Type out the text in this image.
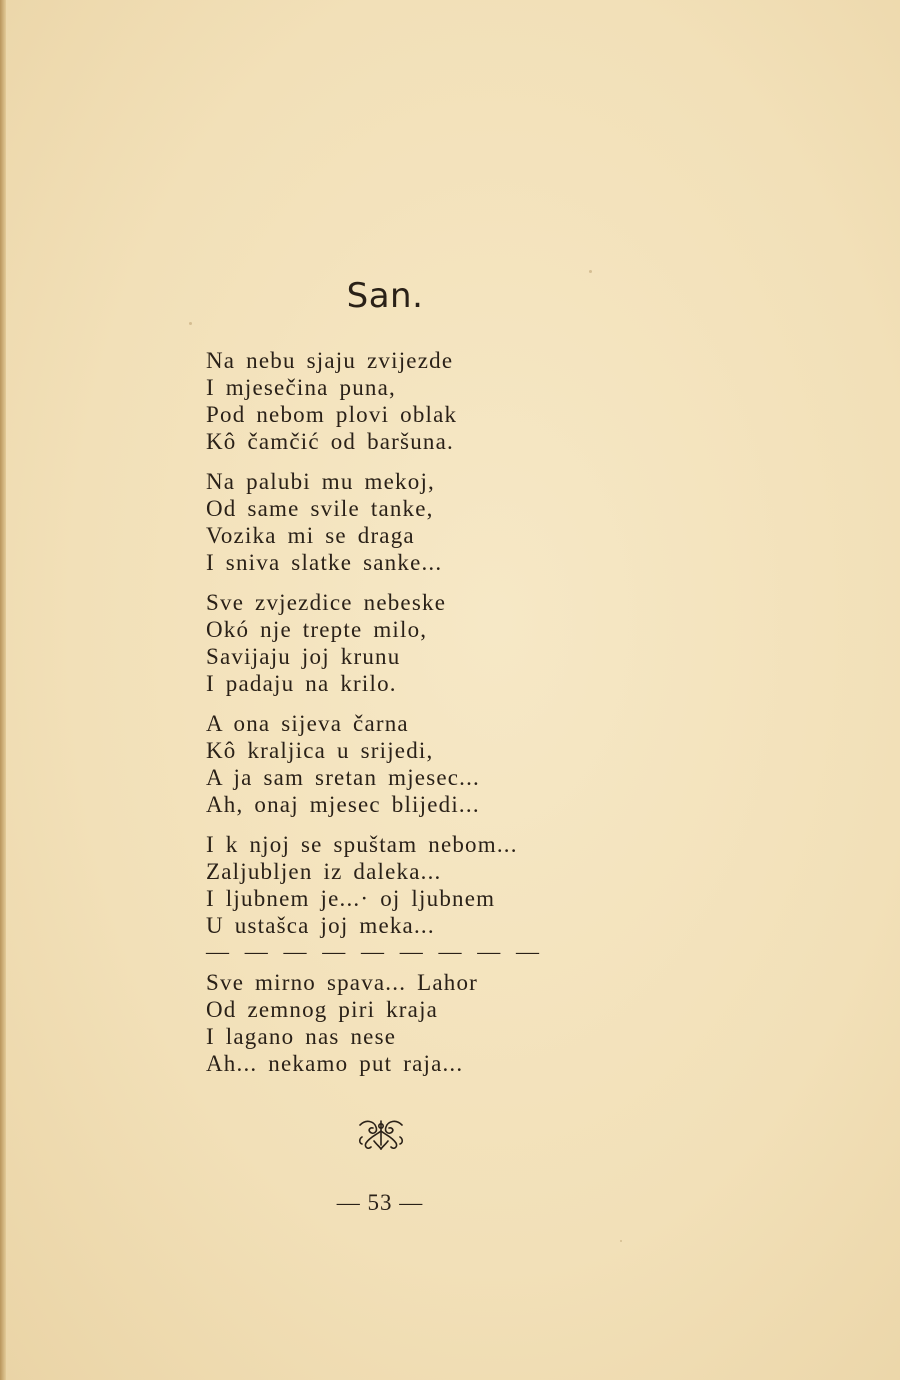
San.
Na nebu sjaju zvijezde
I mjesečina puna,
Pod nebom plovi oblak
Kô čamčić od baršuna.
Na palubi mu mekoj,
Od same svile tanke,
Vozika mi se draga
I sniva slatke sanke...
Sve zvjezdice nebeske
Okó nje trepte milo,
Savijaju joj krunu
I padaju na krilo.
A ona sijeva čarna
Kô kraljica u srijedi,
A ja sam sretan mjesec...
Ah, onaj mjesec blijedi...
I k njoj se spuštam nebom...
Zaljubljen iz daleka...
I ljubnem je...· oj ljubnem
U ustašca joj meka...
— — — — — — — — —
Sve mirno spava... Lahor
Od zemnog piri kraja
I lagano nas nese
Ah... nekamo put raja...
— 53 —
